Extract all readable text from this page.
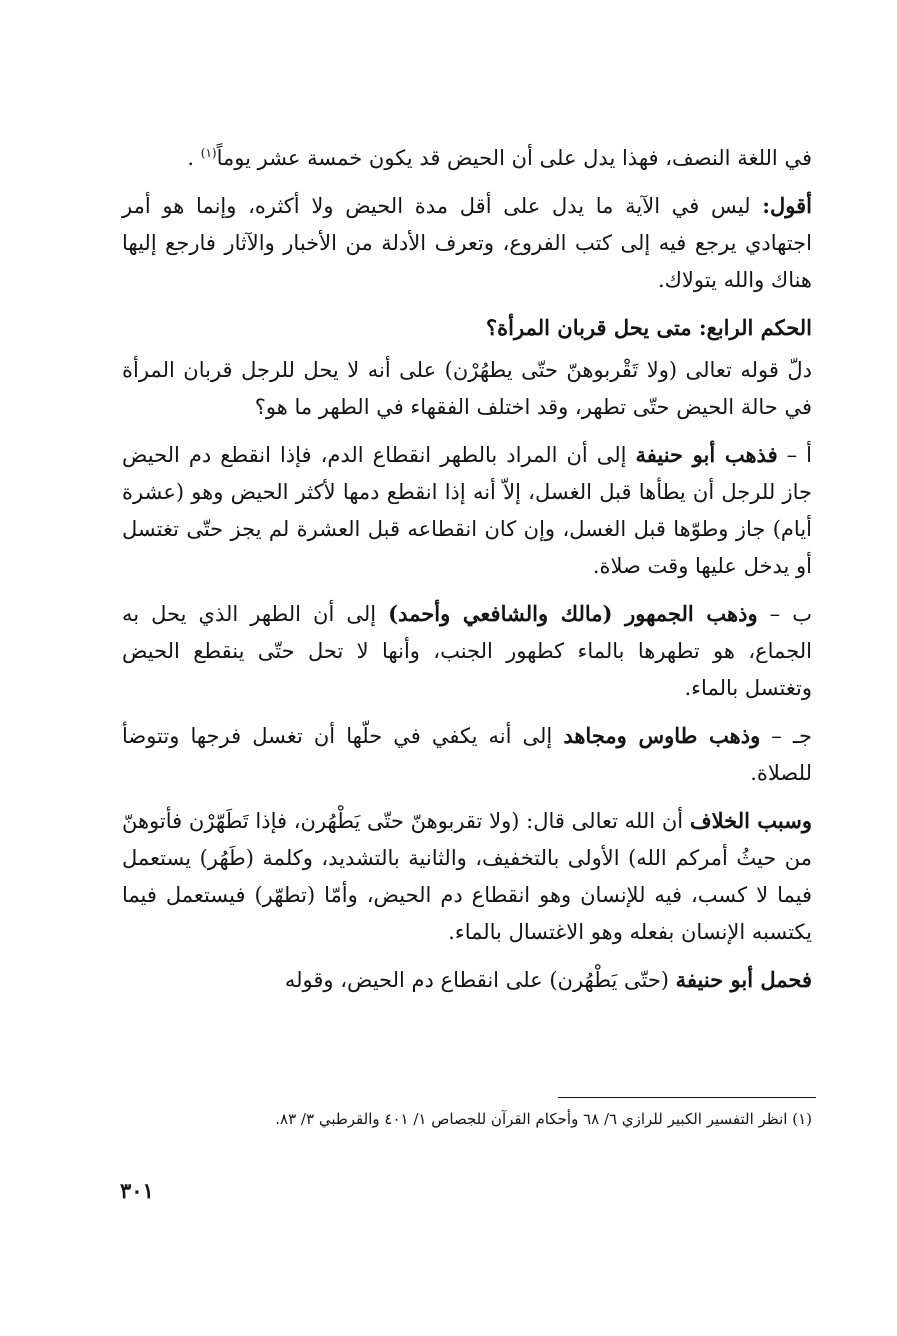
في اللغة النصف، فهذا يدل على أن الحيض قد يكون خمسة عشر يوماً$^{(١)}$ .

أقول: ليس في الآية ما يدل على أقل مدة الحيض ولا أكثره، وإنما هو أمر اجتهادي يرجع فيه إلى كتب الفروع، وتعرف الأدلة من الأخبار والآثار فارجع إليها هناك والله يتولاك.

الحكم الرابع: متى يحل قربان المرأة؟

دلّ قوله تعالى (ولا تَقْربوهنّ حتّى يطهُرْن) على أنه لا يحل للرجل قربان المرأة في حالة الحيض حتّى تطهر، وقد اختلف الفقهاء في الطهر ما هو؟

أ – فذهب أبو حنيفة إلى أن المراد بالطهر انقطاع الدم، فإذا انقطع دم الحيض جاز للرجل أن يطأها قبل الغسل، إلاّ أنه إذا انقطع دمها لأكثر الحيض وهو (عشرة أيام) جاز وطوّها قبل الغسل، وإن كان انقطاعه قبل العشرة لم يجز حتّى تغتسل أو يدخل عليها وقت صلاة.

ب – وذهب الجمهور (مالك والشافعي وأحمد) إلى أن الطهر الذي يحل به الجماع، هو تطهرها بالماء كطهور الجنب، وأنها لا تحل حتّى ينقطع الحيض وتغتسل بالماء.

جـ – وذهب طاوس ومجاهد إلى أنه يكفي في حلّها أن تغسل فرجها وتتوضأ للصلاة.

وسبب الخلاف أن الله تعالى قال: (ولا تقربوهنّ حتّى يَطْهُرن، فإذا تَطَهّرْن فأتوهنّ من حيثُ أمركم الله) الأولى بالتخفيف، والثانية بالتشديد، وكلمة (طَهُر) يستعمل فيما لا كسب، فيه للإنسان وهو انقطاع دم الحيض، وأمّا (تطهّر) فيستعمل فيما يكتسبه الإنسان بفعله وهو الاغتسال بالماء.

فحمل أبو حنيفة (حتّى يَطْهُرن) على انقطاع دم الحيض، وقوله

(١) انظر التفسير الكبير للرازي ٦/ ٦٨ وأحكام القرآن للجصاص ١/ ٤٠١ والقرطبي ٣/ ٨٣.
٣٠١
